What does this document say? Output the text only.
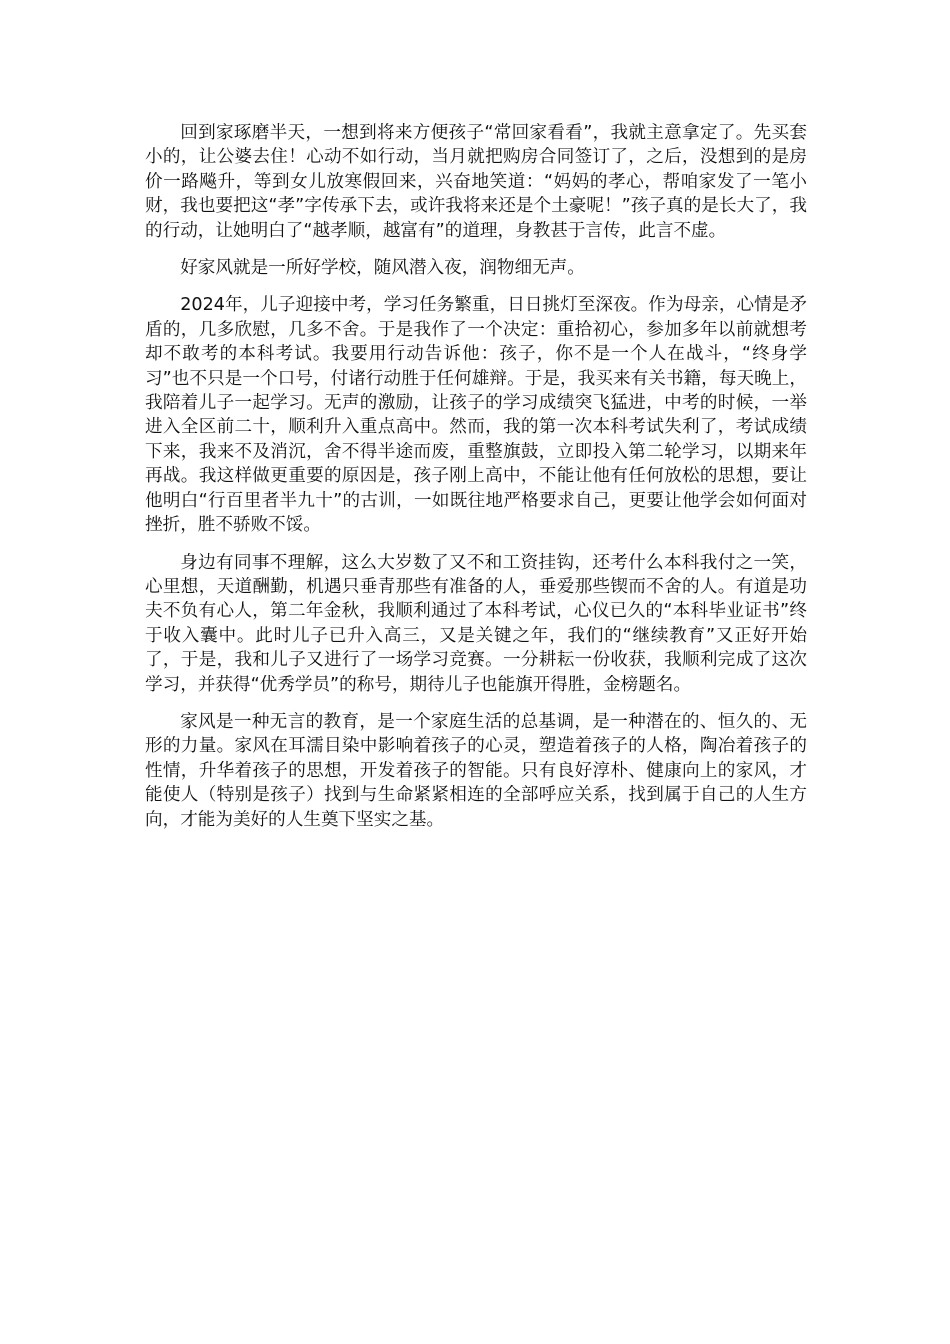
回到家琢磨半天，一想到将来方便孩子“常回家看看”，我就主意拿定了。先买套小的，让公婆去住！心动不如行动，当月就把购房合同签订了，之后，没想到的是房价一路飚升，等到女儿放寒假回来，兴奋地笑道：“妈妈的孝心，帮咱家发了一笔小财，我也要把这“孝”字传承下去，或许我将来还是个土豪呢！”孩子真的是长大了，我的行动，让她明白了“越孝顺，越富有”的道理，身教甚于言传，此言不虚。

好家风就是一所好学校，随风潜入夜，润物细无声。

2024年，儿子迎接中考，学习任务繁重，日日挑灯至深夜。作为母亲，心情是矛盾的，几多欣慰，几多不舍。于是我作了一个决定：重拾初心，参加多年以前就想考却不敢考的本科考试。我要用行动告诉他：孩子，你不是一个人在战斗，“终身学习”也不只是一个口号，付诸行动胜于任何雄辩。于是，我买来有关书籍，每天晚上，我陪着儿子一起学习。无声的激励，让孩子的学习成绩突飞猛进，中考的时候，一举进入全区前二十，顺利升入重点高中。然而，我的第一次本科考试失利了，考试成绩下来，我来不及消沉，舍不得半途而废，重整旗鼓，立即投入第二轮学习，以期来年再战。我这样做更重要的原因是，孩子刚上高中，不能让他有任何放松的思想，要让他明白“行百里者半九十”的古训，一如既往地严格要求自己，更要让他学会如何面对挫折，胜不骄败不馁。

身边有同事不理解，这么大岁数了又不和工资挂钩，还考什么本科我付之一笑，心里想，天道酬勤，机遇只垂青那些有准备的人，垂爱那些锲而不舍的人。有道是功夫不负有心人，第二年金秋，我顺利通过了本科考试，心仪已久的“本科毕业证书”终于收入囊中。此时儿子已升入高三，又是关键之年，我们的“继续教育”又正好开始了，于是，我和儿子又进行了一场学习竞赛。一分耕耘一份收获，我顺利完成了这次学习，并获得“优秀学员”的称号，期待儿子也能旗开得胜，金榜题名。

家风是一种无言的教育，是一个家庭生活的总基调，是一种潜在的、恒久的、无形的力量。家风在耳濡目染中影响着孩子的心灵，塑造着孩子的人格，陶冶着孩子的性情，升华着孩子的思想，开发着孩子的智能。只有良好淳朴、健康向上的家风，才能使人（特别是孩子）找到与生命紧紧相连的全部呼应关系，找到属于自己的人生方向，才能为美好的人生奠下坚实之基。
